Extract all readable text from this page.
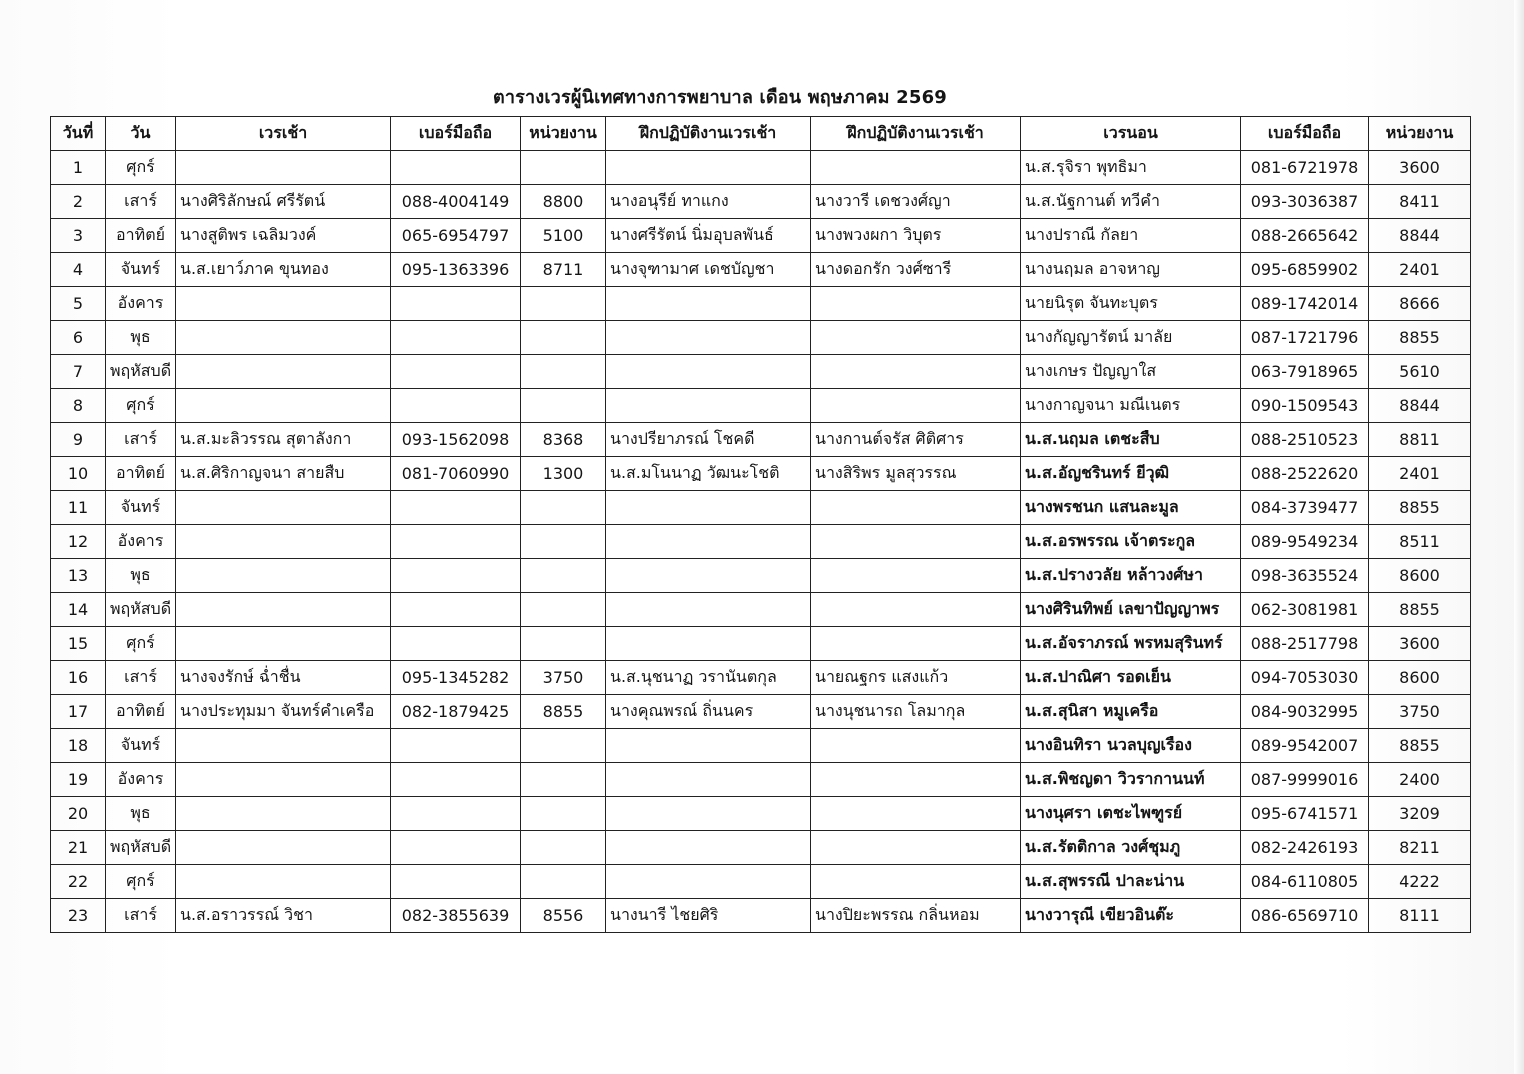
ตารางเวรผู้นิเทศทางการพยาบาล เดือน พฤษภาคม 2569
วันที่	วัน	เวรเช้า	เบอร์มือถือ	หน่วยงาน	ฝึกปฏิบัติงานเวรเช้า	ฝึกปฏิบัติงานเวรเช้า	เวรนอน	เบอร์มือถือ	หน่วยงาน
1	ศุกร์						น.ส.รุจิรา พุทธิมา	081-6721978	3600
2	เสาร์	นางศิริลักษณ์ ศรีรัตน์	088-4004149	8800	นางอนุรีย์ ทาแกง	นางวารี เดชวงศ์ญา	น.ส.นัฐกานต์ ทวีคำ	093-3036387	8411
3	อาทิตย์	นางสูติพร เฉลิมวงค์	065-6954797	5100	นางศรีรัตน์ นิ่มอุบลพันธ์	นางพวงผกา วิบุตร	นางปราณี กัลยา	088-2665642	8844
4	จันทร์	น.ส.เยาว์ภาค ขุนทอง	095-1363396	8711	นางจุฑามาศ เดชบัญชา	นางดอกรัก วงศ์ซารี	นางนฤมล อาจหาญ	095-6859902	2401
5	อังคาร						นายนิรุต จันทะบุตร	089-1742014	8666
6	พุธ						นางกัญญารัตน์ มาลัย	087-1721796	8855
7	พฤหัสบดี						นางเกษร ปัญญาใส	063-7918965	5610
8	ศุกร์						นางกาญจนา มณีเนตร	090-1509543	8844
9	เสาร์	น.ส.มะลิวรรณ สุตาลังกา	093-1562098	8368	นางปรียาภรณ์ โชคดี	นางกานต์จรัส ศิติศาร	น.ส.นฤมล เตชะสืบ	088-2510523	8811
10	อาทิตย์	น.ส.ศิริกาญจนา สายสืบ	081-7060990	1300	น.ส.มโนนาฏ วัฒนะโชติ	นางสิริพร มูลสุวรรณ	น.ส.อัญชรินทร์ ยีวุฒิ	088-2522620	2401
11	จันทร์						นางพรชนก แสนละมูล	084-3739477	8855
12	อังคาร						น.ส.อรพรรณ เจ้าตระกูล	089-9549234	8511
13	พุธ						น.ส.ปรางวลัย หล้าวงศ์ษา	098-3635524	8600
14	พฤหัสบดี						นางศิรินทิพย์ เลขาปัญญาพร	062-3081981	8855
15	ศุกร์						น.ส.อัจราภรณ์ พรหมสุรินทร์	088-2517798	3600
16	เสาร์	นางจงรักษ์ ฉ่ำชื่น	095-1345282	3750	น.ส.นุชนาฏ วรานันตกุล	นายณฐกร แสงแก้ว	น.ส.ปาณิศา รอดเย็น	094-7053030	8600
17	อาทิตย์	นางประทุมมา จันทร์คำเครือ	082-1879425	8855	นางคุณพรณ์ ถิ่นนคร	นางนุชนารถ โลมากุล	น.ส.สุนิสา หมูเครือ	084-9032995	3750
18	จันทร์						นางอินทิรา นวลบุญเรือง	089-9542007	8855
19	อังคาร						น.ส.พิชญดา วิวรากานนท์	087-9999016	2400
20	พุธ						นางนุศรา เตชะไพฑูรย์	095-6741571	3209
21	พฤหัสบดี						น.ส.รัตติกาล วงศ์ชุมภู	082-2426193	8211
22	ศุกร์						น.ส.สุพรรณี ปาละน่าน	084-6110805	4222
23	เสาร์	น.ส.อราวรรณ์ วิชา	082-3855639	8556	นางนารี ไชยศิริ	นางปิยะพรรณ กลิ่นหอม	นางวารุณี เขียวอินต๊ะ	086-6569710	8111
